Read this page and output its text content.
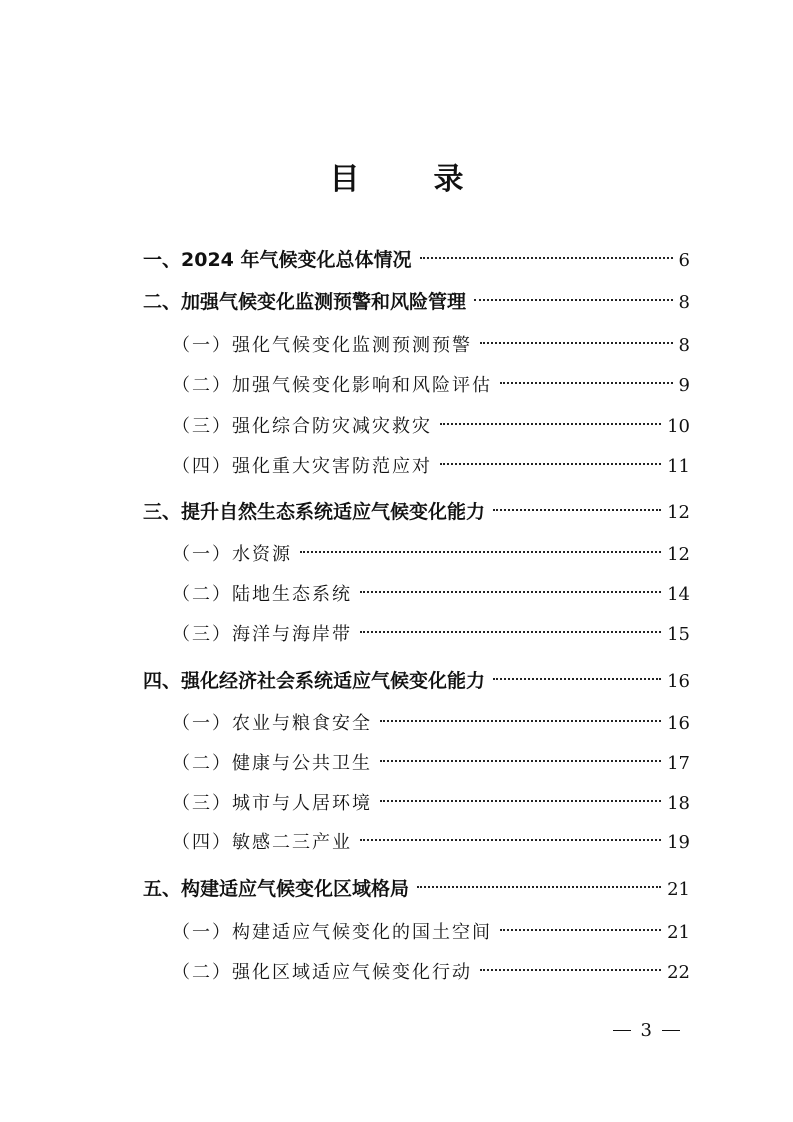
目　录
一、2024 年气候变化总体情况	6
二、加强气候变化监测预警和风险管理	8
（一）强化气候变化监测预测预警	8
（二）加强气候变化影响和风险评估	9
（三）强化综合防灾减灾救灾	10
（四）强化重大灾害防范应对	11
三、提升自然生态系统适应气候变化能力	12
（一）水资源	12
（二）陆地生态系统	14
（三）海洋与海岸带	15
四、强化经济社会系统适应气候变化能力	16
（一）农业与粮食安全	16
（二）健康与公共卫生	17
（三）城市与人居环境	18
（四）敏感二三产业	19
五、构建适应气候变化区域格局	21
（一）构建适应气候变化的国土空间	21
（二）强化区域适应气候变化行动	22
3
